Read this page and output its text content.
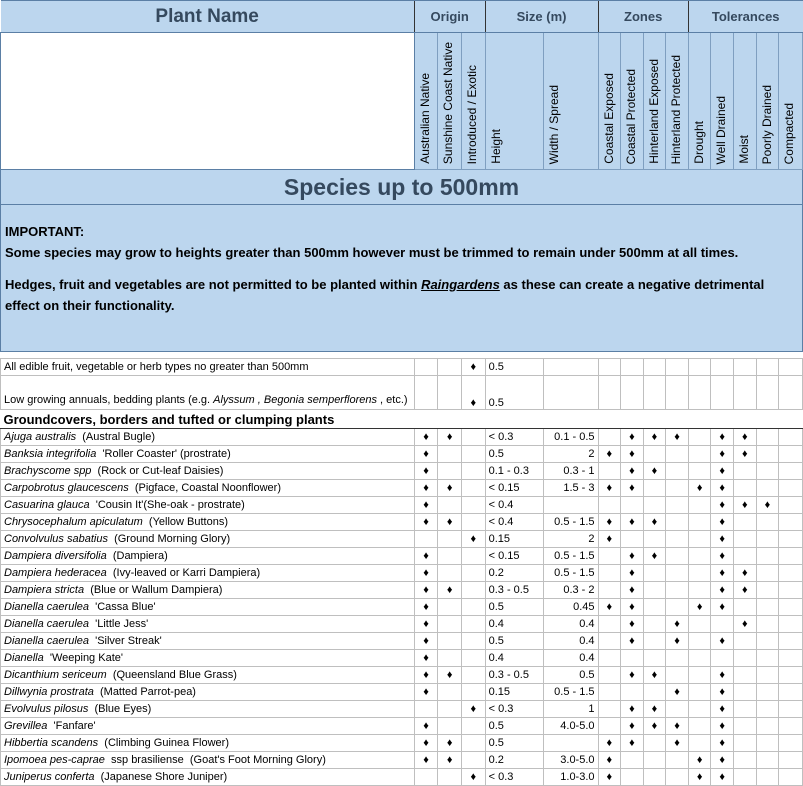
Plant Name	Origin			Size (m)		Zones				Tolerances				
	Australian Native	Sunshine Coast Native	Introduced / Exotic	Height	Width / Spread	Coastal Exposed	Coastal Protected	Hinterland Exposed	Hinterland Protected	Drought	Well Drained	Moist	Poorly Drained	Compacted
Species up to 500mm														

IMPORTANT:

Some species may grow to heights greater than 500mm however must be trimmed to remain under 500mm at all times.

Hedges, fruit and vegetables are not permitted to be planted within Raingardens as these can create a negative detrimental effect on their functionality.														

All edible fruit, vegetable or herb types no greater than 500mm			♦	0.5										
Low growing annuals, bedding plants (e.g. Alyssum , Begonia semperflorens , etc.)			♦	0.5										
Groundcovers, borders and tufted or clumping plants														
Ajuga australis  (Austral Bugle)	♦	♦		< 0.3	0.1 - 0.5		♦	♦	♦		♦	♦		
Banksia integrifolia  'Roller Coaster' (prostrate)	♦			0.5	2	♦	♦				♦	♦		
Brachyscome spp  (Rock or Cut-leaf Daisies)	♦			0.1 - 0.3	0.3 - 1		♦	♦			♦			
Carpobrotus glaucescens  (Pigface, Coastal Noonflower)	♦	♦		< 0.15	1.5 - 3	♦	♦			♦	♦			
Casuarina glauca  'Cousin It'(She-oak - prostrate)	♦			< 0.4							♦	♦	♦	
Chrysocephalum apiculatum  (Yellow Buttons)	♦	♦		< 0.4	0.5 - 1.5	♦	♦	♦			♦			
Convolvulus sabatius  (Ground Morning Glory)			♦	0.15	2	♦					♦			
Dampiera diversifolia  (Dampiera)	♦			< 0.15	0.5 - 1.5		♦	♦			♦			
Dampiera hederacea  (Ivy-leaved or Karri Dampiera)	♦			0.2	0.5 - 1.5		♦				♦	♦		
Dampiera stricta  (Blue or Wallum Dampiera)	♦	♦		0.3 - 0.5	0.3 - 2		♦				♦	♦		
Dianella caerulea  'Cassa Blue'	♦			0.5	0.45	♦	♦			♦	♦			
Dianella caerulea  'Little Jess'	♦			0.4	0.4		♦		♦			♦		
Dianella caerulea  'Silver Streak'	♦			0.5	0.4		♦		♦		♦			
Dianella  'Weeping Kate'	♦			0.4	0.4									
Dicanthium sericeum  (Queensland Blue Grass)	♦	♦		0.3 - 0.5	0.5		♦	♦			♦			
Dillwynia prostrata  (Matted Parrot-pea)	♦			0.15	0.5 - 1.5				♦		♦			
Evolvulus pilosus  (Blue Eyes)			♦	< 0.3	1		♦	♦			♦			
Grevillea  'Fanfare'	♦			0.5	4.0-5.0		♦	♦	♦		♦			
Hibbertia scandens  (Climbing Guinea Flower)	♦	♦		0.5		♦	♦		♦		♦			
Ipomoea pes-caprae  ssp brasiliense  (Goat's Foot Morning Glory)	♦	♦		0.2	3.0-5.0	♦				♦	♦			
Juniperus conferta  (Japanese Shore Juniper)			♦	< 0.3	1.0-3.0	♦				♦	♦			
